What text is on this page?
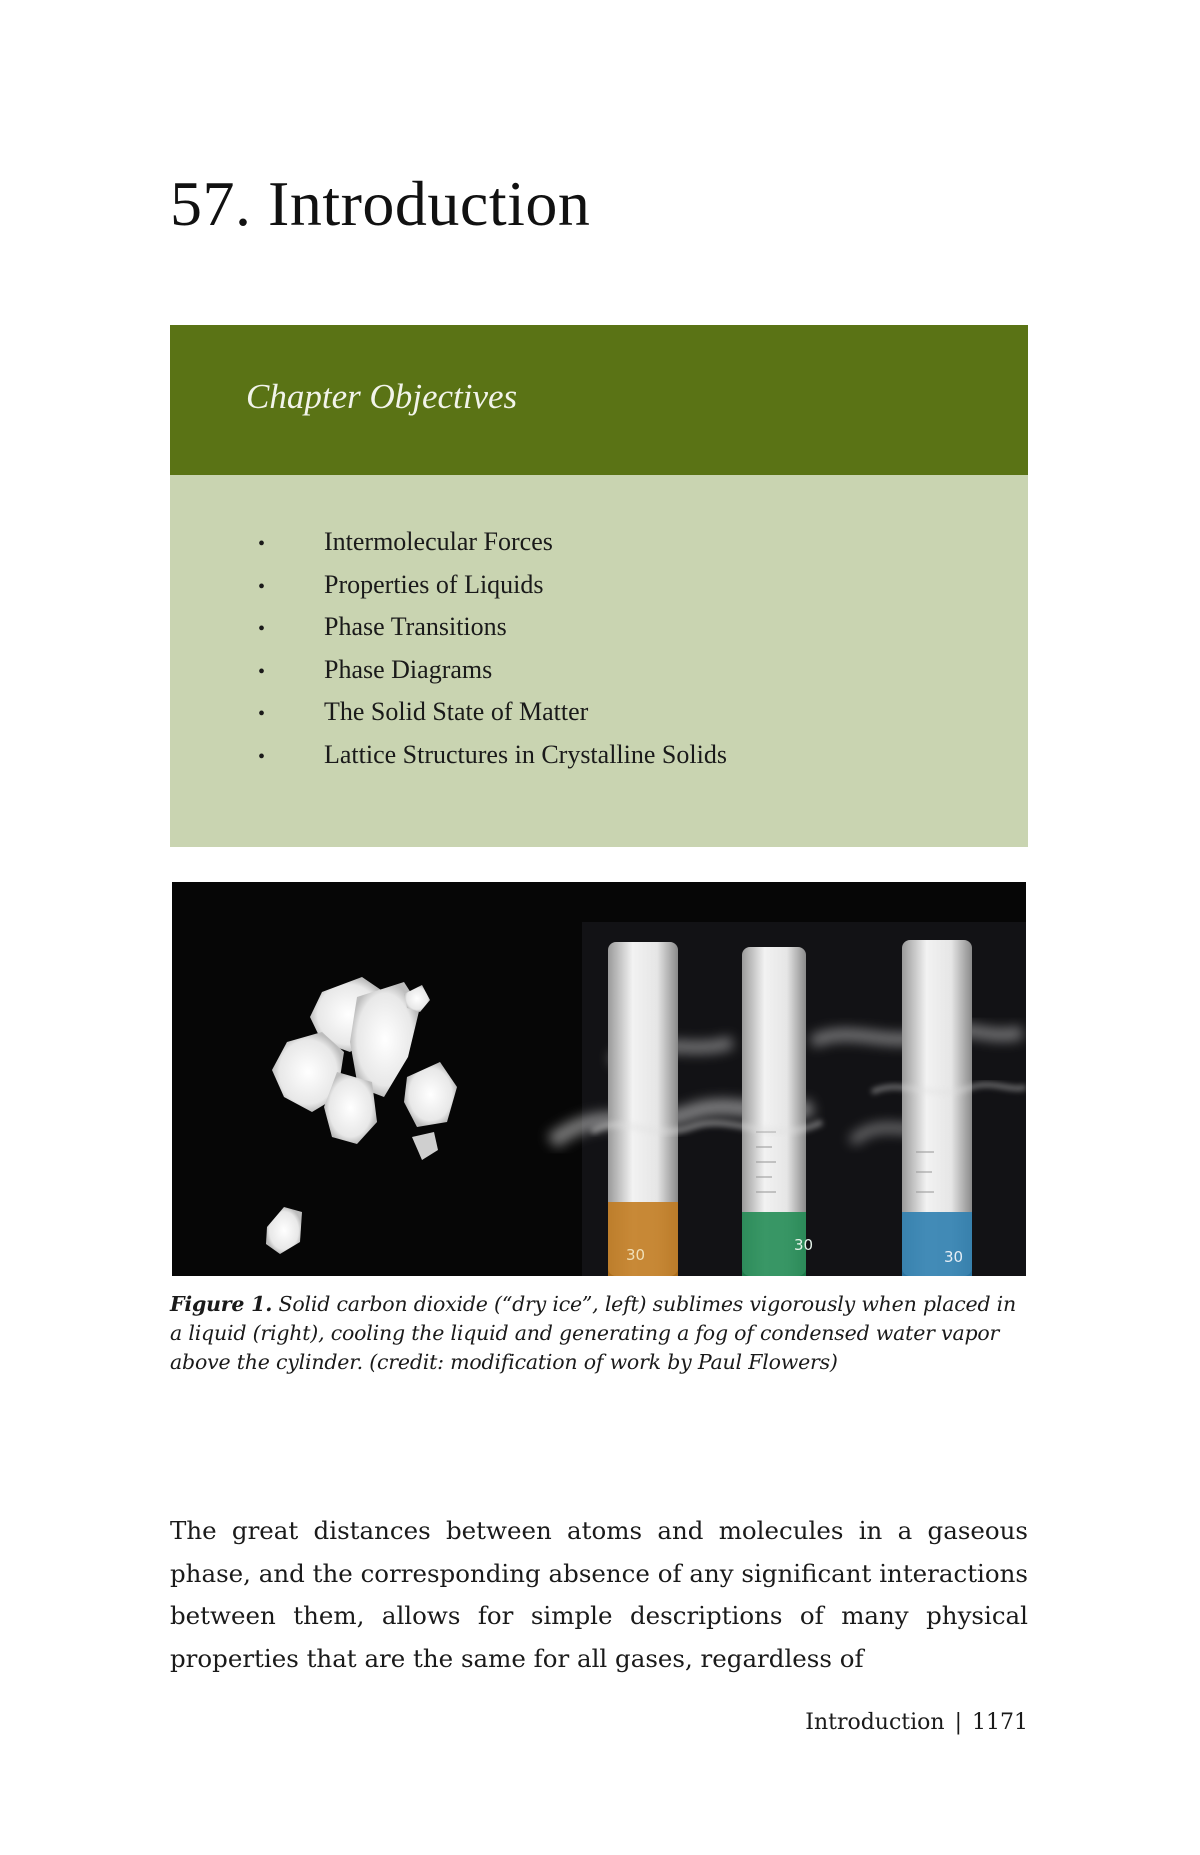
57. Introduction
Chapter Objectives
•	Intermolecular Forces
•	Properties of Liquids
•	Phase Transitions
•	Phase Diagrams
•	The Solid State of Matter
•	Lattice Structures in Crystalline Solids
30
30
30

Figure 1. Solid carbon dioxide (“dry ice”, left) sublimes vigorously when placed in a liquid (right), cooling the liquid and generating a fog of condensed water vapor above the cylinder. (credit: modification of work by Paul Flowers)

The great distances between atoms and molecules in a gaseous phase, and the corresponding absence of any significant interactions between them, allows for simple descriptions of many physical properties that are the same for all gases, regardless of

Introduction | 1171
